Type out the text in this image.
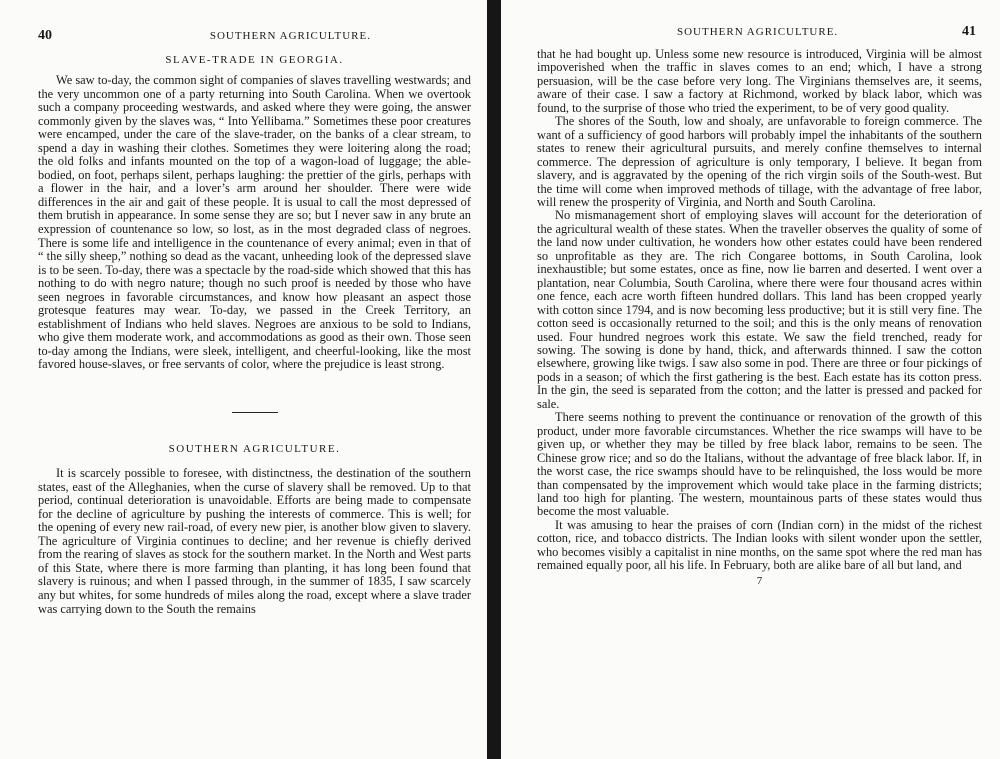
40	SOUTHERN AGRICULTURE.
SLAVE-TRADE IN GEORGIA.

We saw to-day, the common sight of companies of slaves travelling westwards; and the very uncommon one of a party returning into South Carolina. When we overtook such a company proceeding westwards, and asked where they were going, the answer commonly given by the slaves was, “ Into Yellibama.” Sometimes these poor creatures were encamped, under the care of the slave-trader, on the banks of a clear stream, to spend a day in washing their clothes. Sometimes they were loitering along the road; the old folks and infants mounted on the top of a wagon-load of luggage; the able-bodied, on foot, perhaps silent, perhaps laughing: the prettier of the girls, perhaps with a flower in the hair, and a lover’s arm around her shoulder. There were wide differences in the air and gait of these people. It is usual to call the most depressed of them brutish in appearance. In some sense they are so; but I never saw in any brute an expression of countenance so low, so lost, as in the most degraded class of negroes. There is some life and intelligence in the countenance of every animal; even in that of “ the silly sheep,” nothing so dead as the vacant, unheeding look of the depressed slave is to be seen. To-day, there was a spectacle by the road-side which showed that this has nothing to do with negro nature; though no such proof is needed by those who have seen negroes in favorable circumstances, and know how pleasant an aspect those grotesque features may wear. To-day, we passed in the Creek Territory, an establishment of Indians who held slaves. Negroes are anxious to be sold to Indians, who give them moderate work, and accommodations as good as their own. Those seen to-day among the Indians, were sleek, intelligent, and cheerful-looking, like the most favored house-slaves, or free servants of color, where the prejudice is least strong.

SOUTHERN AGRICULTURE.

It is scarcely possible to foresee, with distinctness, the destination of the southern states, east of the Alleghanies, when the curse of slavery shall be removed. Up to that period, continual deterioration is unavoidable. Efforts are being made to compensate for the decline of agriculture by pushing the interests of commerce. This is well; for the opening of every new rail-road, of every new pier, is another blow given to slavery. The agriculture of Virginia continues to decline; and her revenue is chiefly derived from the rearing of slaves as stock for the southern market. In the North and West parts of this State, where there is more farming than planting, it has long been found that slavery is ruinous; and when I passed through, in the summer of 1835, I saw scarcely any but whites, for some hundreds of miles along the road, except where a slave trader was carrying down to the South the remains

SOUTHERN AGRICULTURE.	41

that he had bought up. Unless some new resource is introduced, Virginia will be almost impoverished when the traffic in slaves comes to an end; which, I have a strong persuasion, will be the case before very long. The Virginians themselves are, it seems, aware of their case. I saw a factory at Richmond, worked by black labor, which was found, to the surprise of those who tried the experiment, to be of very good quality.

The shores of the South, low and shoaly, are unfavorable to foreign commerce. The want of a sufficiency of good harbors will probably impel the inhabitants of the southern states to renew their agricultural pursuits, and merely confine themselves to internal commerce. The depression of agriculture is only temporary, I believe. It began from slavery, and is aggravated by the opening of the rich virgin soils of the South-west. But the time will come when improved methods of tillage, with the advantage of free labor, will renew the prosperity of Virginia, and North and South Carolina.

No mismanagement short of employing slaves will account for the deterioration of the agricultural wealth of these states. When the traveller observes the quality of some of the land now under cultivation, he wonders how other estates could have been rendered so unprofitable as they are. The rich Congaree bottoms, in South Carolina, look inexhaustible; but some estates, once as fine, now lie barren and deserted. I went over a plantation, near Columbia, South Carolina, where there were four thousand acres within one fence, each acre worth fifteen hundred dollars. This land has been cropped yearly with cotton since 1794, and is now becoming less productive; but it is still very fine. The cotton seed is occasionally returned to the soil; and this is the only means of renovation used. Four hundred negroes work this estate. We saw the field trenched, ready for sowing. The sowing is done by hand, thick, and afterwards thinned. I saw the cotton elsewhere, growing like twigs. I saw also some in pod. There are three or four pickings of pods in a season; of which the first gathering is the best. Each estate has its cotton press. In the gin, the seed is separated from the cotton; and the latter is pressed and packed for sale.

There seems nothing to prevent the continuance or renovation of the growth of this product, under more favorable circumstances. Whether the rice swamps will have to be given up, or whether they may be tilled by free black labor, remains to be seen. The Chinese grow rice; and so do the Italians, without the advantage of free black labor. If, in the worst case, the rice swamps should have to be relinquished, the loss would be more than compensated by the improvement which would take place in the farming districts; land too high for planting. The western, mountainous parts of these states would thus become the most valuable.

It was amusing to hear the praises of corn (Indian corn) in the midst of the richest cotton, rice, and tobacco districts. The Indian looks with silent wonder upon the settler, who becomes visibly a capitalist in nine months, on the same spot where the red man has remained equally poor, all his life. In February, both are alike bare of all but land, and

7
